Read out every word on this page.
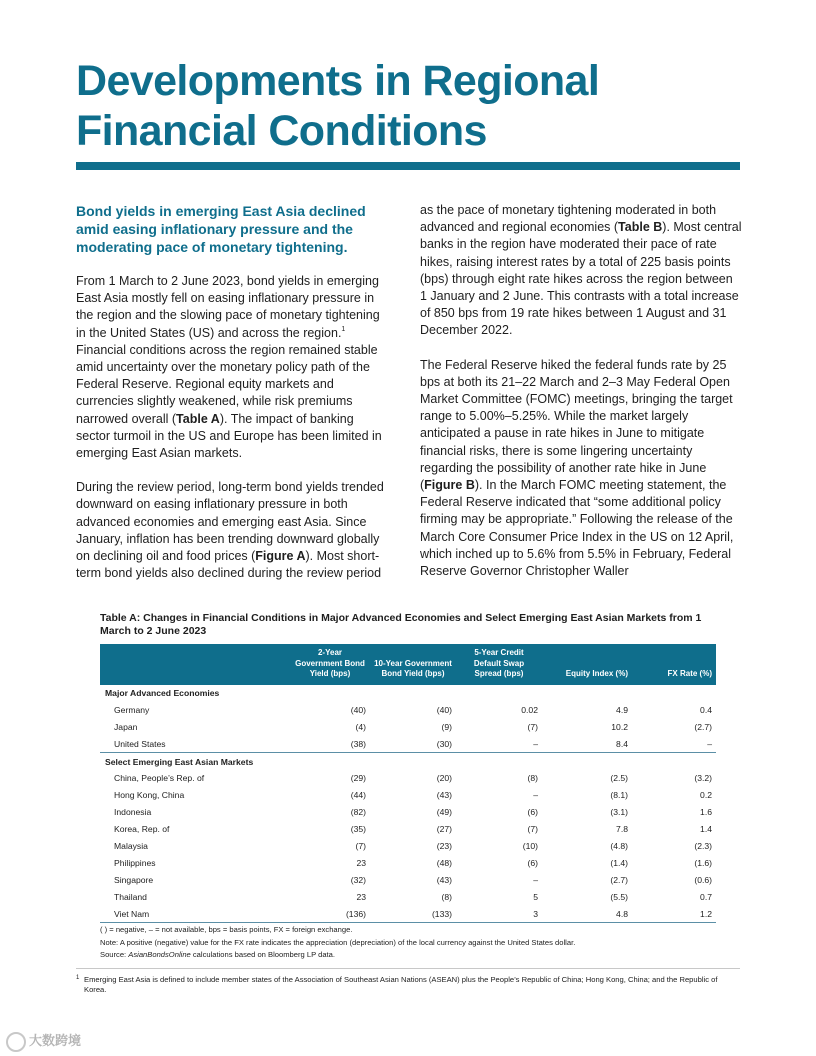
Developments in Regional
Financial Conditions

Bond yields in emerging East Asia declined amid easing inflationary pressure and the moderating pace of monetary tightening.

From 1 March to 2 June 2023, bond yields in emerging East Asia mostly fell on easing inflationary pressure in the region and the slowing pace of monetary tightening in the United States (US) and across the region.$^1$ Financial conditions across the region remained stable amid uncertainty over the monetary policy path of the Federal Reserve. Regional equity markets and currencies slightly weakened, while risk premiums narrowed overall (Table A). The impact of banking sector turmoil in the US and Europe has been limited in emerging East Asian markets.

During the review period, long-term bond yields trended downward on easing inflationary pressure in both advanced economies and emerging east Asia. Since January, inflation has been trending downward globally on declining oil and food prices (Figure A). Most short-term bond yields also declined during the review period

as the pace of monetary tightening moderated in both advanced and regional economies (Table B). Most central banks in the region have moderated their pace of rate hikes, raising interest rates by a total of 225 basis points (bps) through eight rate hikes across the region between 1 January and 2 June. This contrasts with a total increase of 850 bps from 19 rate hikes between 1 August and 31 December 2022.

The Federal Reserve hiked the federal funds rate by 25 bps at both its 21–22 March and 2–3 May Federal Open Market Committee (FOMC) meetings, bringing the target range to 5.00%–5.25%. While the market largely anticipated a pause in rate hikes in June to mitigate financial risks, there is some lingering uncertainty regarding the possibility of another rate hike in June (Figure B). In the March FOMC meeting statement, the Federal Reserve indicated that “some additional policy firming may be appropriate.” Following the release of the March Core Consumer Price Index in the US on 12 April, which inched up to 5.6% from 5.5% in February, Federal Reserve Governor Christopher Waller

Table A: Changes in Financial Conditions in Major Advanced Economies and Select Emerging East Asian Markets from 1 March to 2 June 2023

	2-Year Government Bond Yield (bps)	10-Year Government Bond Yield (bps)	5-Year Credit Default Swap Spread (bps)	Equity Index (%)	FX Rate (%)
Major Advanced Economies					
Germany	(40)	(40)	0.02	4.9	0.4
Japan	(4)	(9)	(7)	10.2	(2.7)
United States	(38)	(30)	–	8.4	–
Select Emerging East Asian Markets					
China, People’s Rep. of	(29)	(20)	(8)	(2.5)	(3.2)
Hong Kong, China	(44)	(43)	–	(8.1)	0.2
Indonesia	(82)	(49)	(6)	(3.1)	1.6
Korea, Rep. of	(35)	(27)	(7)	7.8	1.4
Malaysia	(7)	(23)	(10)	(4.8)	(2.3)
Philippines	23	(48)	(6)	(1.4)	(1.6)
Singapore	(32)	(43)	–	(2.7)	(0.6)
Thailand	23	(8)	5	(5.5)	0.7
Viet Nam	(136)	(133)	3	4.8	1.2
( ) = negative, – = not available, bps = basis points, FX = foreign exchange.
Note: A positive (negative) value for the FX rate indicates the appreciation (depreciation) of the local currency against the United States dollar.
Source: AsianBondsOnline calculations based on Bloomberg LP data.
1 Emerging East Asia is defined to include member states of the Association of Southeast Asian Nations (ASEAN) plus the People’s Republic of China; Hong Kong, China; and the Republic of Korea.
大数跨境
